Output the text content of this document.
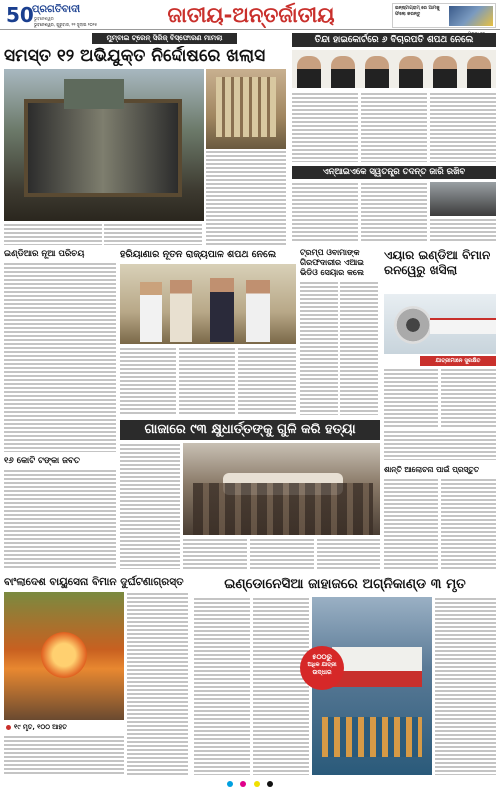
50
ପ୍ରଗତିବାଦୀ
ଭୁବନେଶ୍ୱର
ଭୁବନେଶ୍ୱର, ଗୁରୁବାର, ୨୨ ଜୁଲାଇ ୨୦୨୫	ଜାତୀୟ-ଅନ୍ତର୍ଜାତୀୟ	ଇନ୍ଷ୍ଟାଗ୍ରାମ୍ ରେ ଆମକୁ ଫଲୋ କରନ୍ତୁ
ମୁମ୍ବାଇ ଟ୍ରେନ୍ ସିରିଜ୍ ବିସ୍ଫୋରଣ ମାମଲା
ସମସ୍ତ ୧୨ ଅଭିଯୁକ୍ତ ନିର୍ଦ୍ଦୋଷରେ ଖଲାସ
ତିନ୍ଦା ହାଇକୋର୍ଟରେ ୬ ବିଚାରପତି ଶପଥ ନେଲେ
ଏନ୍ଆଇଏକେ ସ୍ୱତନ୍ତ୍ର ତଦନ୍ତ ଜାରି ରଖିବ
ଇଣ୍ଡିଆର ନୂଆ ପରିଚୟ
୧୬ କୋଟି ଟଙ୍କା ଜବତ
ହରିୟାଣାର ନୂତନ ରାଜ୍ୟପାଳ ଶପଥ ନେଲେ	ଟ୍ରମ୍ପ ଓବାମାଙ୍କ ଗିରଫଦାରୀର ଏଆଇ ଭିଡିଓ ସେୟାର କଲେ
ଏୟାର ଇଣ୍ଡିଆ ବିମାନ ରନୱେରୁ ଖସିଲା
ଯାତ୍ରୀମାନେ ସୁରକ୍ଷିତ
ଗାଜାରେ ୯୩ କ୍ଷୁଧାର୍ତ୍ତଙ୍କୁ ଗୁଳି କରି ହତ୍ୟା
ଶାନ୍ତି ଆଲୋଚନା ପାଇଁ ପ୍ରସ୍ତୁତ
ବାଂଲାଦେଶ ବାୟୁସେନା ବିମାନ ଦୁର୍ଘଟଣାଗ୍ରସ୍ତ
$^{୧୯ ମୃତ, ୧୦୦ ଆହତ}$
ଇଣ୍ଡୋନେସିଆ ଜାହାଜରେ ଅଗ୍ନିକାଣ୍ଡ ୩ ମୃତ
୫୦୦ରୁ
ଅଧିକ ଯାତ୍ରୀ
ଉଦ୍ଧାର
